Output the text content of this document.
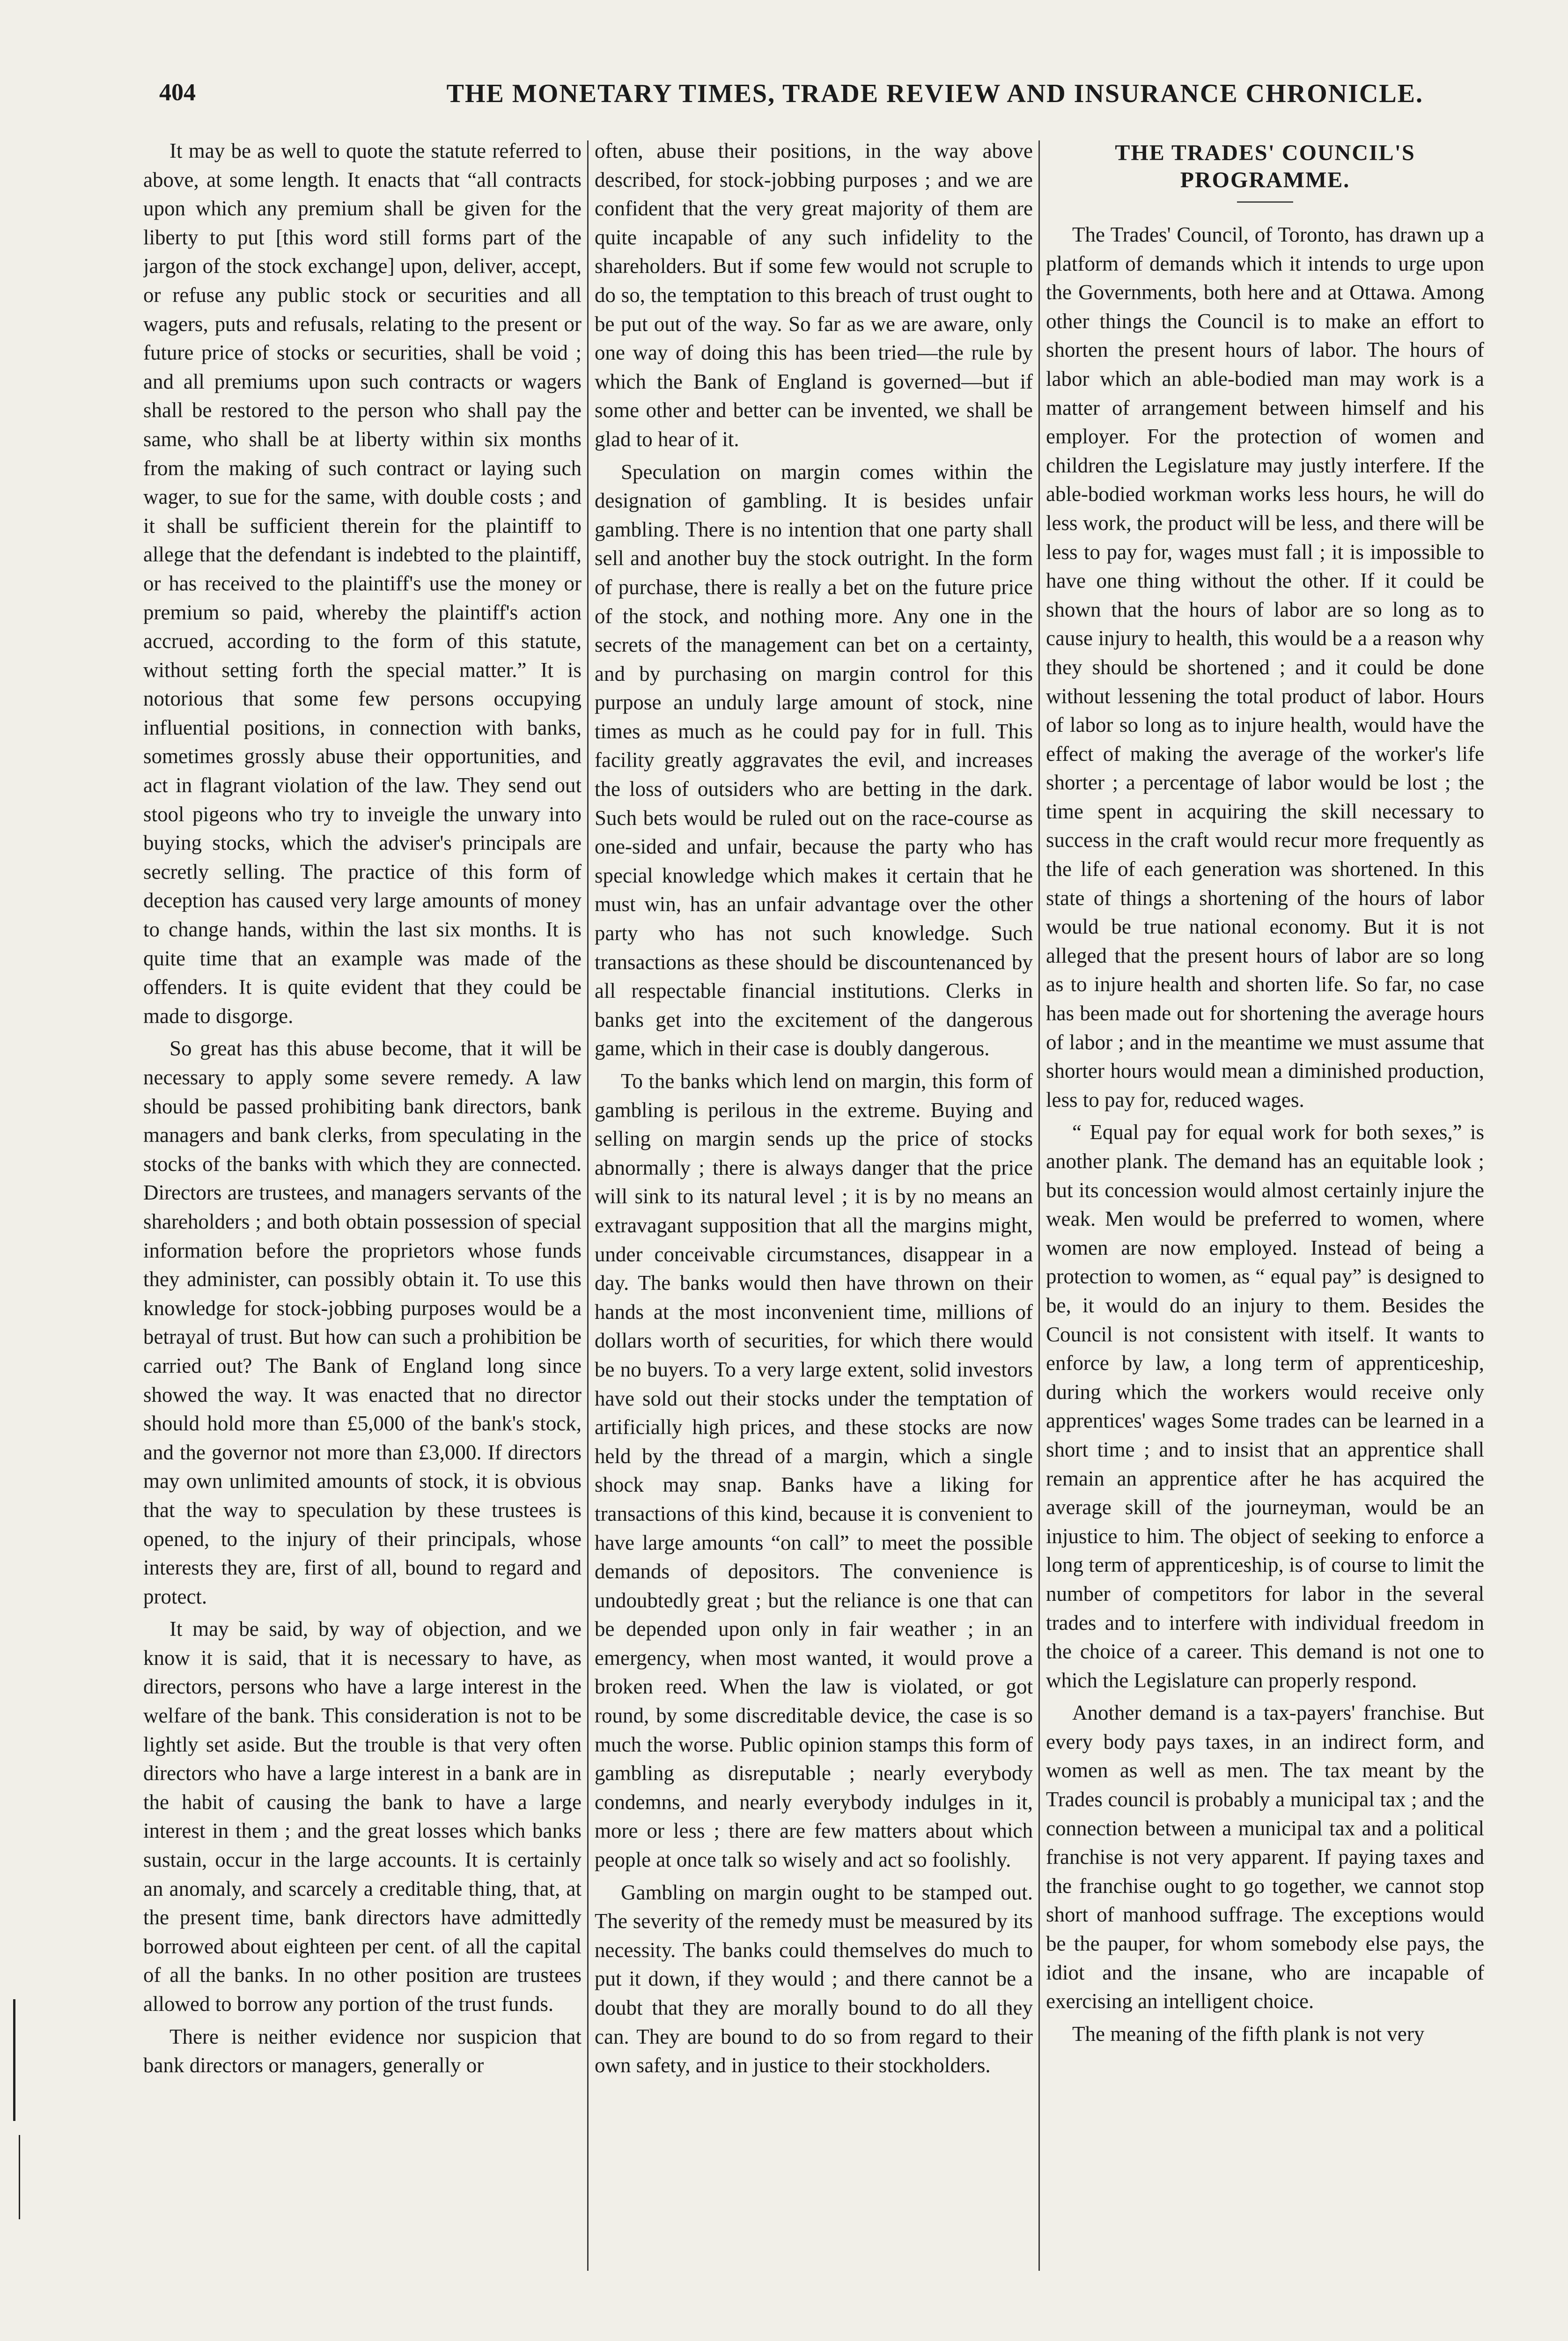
404	THE MONETARY TIMES, TRADE REVIEW AND INSURANCE CHRONICLE.

It may be as well to quote the statute referred to above, at some length. It enacts that “all contracts upon which any premium shall be given for the liberty to put [this word still forms part of the jargon of the stock exchange] upon, deliver, accept, or refuse any public stock or securities and all wagers, puts and refusals, relating to the present or future price of stocks or securities, shall be void ; and all premiums upon such contracts or wagers shall be restored to the person who shall pay the same, who shall be at liberty within six months from the making of such contract or laying such wager, to sue for the same, with double costs ; and it shall be sufficient therein for the plaintiff to allege that the defendant is indebted to the plaintiff, or has received to the plaintiff's use the money or premium so paid, whereby the plaintiff's action accrued, according to the form of this statute, without setting forth the special matter.” It is notorious that some few persons occupying influential positions, in connection with banks, sometimes grossly abuse their opportunities, and act in flagrant violation of the law. They send out stool pigeons who try to inveigle the unwary into buying stocks, which the adviser's principals are secretly selling. The practice of this form of deception has caused very large amounts of money to change hands, within the last six months. It is quite time that an example was made of the offenders. It is quite evident that they could be made to disgorge.

So great has this abuse become, that it will be necessary to apply some severe remedy. A law should be passed prohibiting bank directors, bank managers and bank clerks, from speculating in the stocks of the banks with which they are connected. Directors are trustees, and managers servants of the shareholders ; and both obtain possession of special information before the proprietors whose funds they administer, can possibly obtain it. To use this knowledge for stock-jobbing purposes would be a betrayal of trust. But how can such a prohibition be carried out? The Bank of England long since showed the way. It was enacted that no director should hold more than £5,000 of the bank's stock, and the governor not more than £3,000. If directors may own unlimited amounts of stock, it is obvious that the way to speculation by these trustees is opened, to the injury of their principals, whose interests they are, first of all, bound to regard and protect.

It may be said, by way of objection, and we know it is said, that it is necessary to have, as directors, persons who have a large interest in the welfare of the bank. This consideration is not to be lightly set aside. But the trouble is that very often directors who have a large interest in a bank are in the habit of causing the bank to have a large interest in them ; and the great losses which banks sustain, occur in the large accounts. It is certainly an anomaly, and scarcely a creditable thing, that, at the present time, bank directors have admittedly borrowed about eighteen per cent. of all the capital of all the banks. In no other position are trustees allowed to borrow any portion of the trust funds.

There is neither evidence nor suspicion that bank directors or managers, generally or

often, abuse their positions, in the way above described, for stock-jobbing purposes ; and we are confident that the very great majority of them are quite incapable of any such infidelity to the shareholders. But if some few would not scruple to do so, the temptation to this breach of trust ought to be put out of the way. So far as we are aware, only one way of doing this has been tried—the rule by which the Bank of England is governed—but if some other and better can be invented, we shall be glad to hear of it.

Speculation on margin comes within the designation of gambling. It is besides unfair gambling. There is no intention that one party shall sell and another buy the stock outright. In the form of purchase, there is really a bet on the future price of the stock, and nothing more. Any one in the secrets of the management can bet on a certainty, and by purchasing on margin control for this purpose an unduly large amount of stock, nine times as much as he could pay for in full. This facility greatly aggravates the evil, and increases the loss of outsiders who are betting in the dark. Such bets would be ruled out on the race-course as one-sided and unfair, because the party who has special knowledge which makes it certain that he must win, has an unfair advantage over the other party who has not such knowledge. Such transactions as these should be discountenanced by all respectable financial institutions. Clerks in banks get into the excitement of the dangerous game, which in their case is doubly dangerous.

To the banks which lend on margin, this form of gambling is perilous in the extreme. Buying and selling on margin sends up the price of stocks abnormally ; there is always danger that the price will sink to its natural level ; it is by no means an extravagant supposition that all the margins might, under conceivable circumstances, disappear in a day. The banks would then have thrown on their hands at the most inconvenient time, millions of dollars worth of securities, for which there would be no buyers. To a very large extent, solid investors have sold out their stocks under the temptation of artificially high prices, and these stocks are now held by the thread of a margin, which a single shock may snap. Banks have a liking for transactions of this kind, because it is convenient to have large amounts “on call” to meet the possible demands of depositors. The convenience is undoubtedly great ; but the reliance is one that can be depended upon only in fair weather ; in an emergency, when most wanted, it would prove a broken reed. When the law is violated, or got round, by some discreditable device, the case is so much the worse. Public opinion stamps this form of gambling as disreputable ; nearly everybody condemns, and nearly everybody indulges in it, more or less ; there are few matters about which people at once talk so wisely and act so foolishly.

Gambling on margin ought to be stamped out. The severity of the remedy must be measured by its necessity. The banks could themselves do much to put it down, if they would ; and there cannot be a doubt that they are morally bound to do all they can. They are bound to do so from regard to their own safety, and in justice to their stockholders.

THE TRADES' COUNCIL'S PROGRAMME.

The Trades' Council, of Toronto, has drawn up a platform of demands which it intends to urge upon the Governments, both here and at Ottawa. Among other things the Council is to make an effort to shorten the present hours of labor. The hours of labor which an able-bodied man may work is a matter of arrangement between himself and his employer. For the protection of women and children the Legislature may justly interfere. If the able-bodied workman works less hours, he will do less work, the product will be less, and there will be less to pay for, wages must fall ; it is impossible to have one thing without the other. If it could be shown that the hours of labor are so long as to cause injury to health, this would be a a reason why they should be shortened ; and it could be done without lessening the total product of labor. Hours of labor so long as to injure health, would have the effect of making the average of the worker's life shorter ; a percentage of labor would be lost ; the time spent in acquiring the skill necessary to success in the craft would recur more frequently as the life of each generation was shortened. In this state of things a shortening of the hours of labor would be true national economy. But it is not alleged that the present hours of labor are so long as to injure health and shorten life. So far, no case has been made out for shortening the average hours of labor ; and in the meantime we must assume that shorter hours would mean a diminished production, less to pay for, reduced wages.

“ Equal pay for equal work for both sexes,” is another plank. The demand has an equitable look ; but its concession would almost certainly injure the weak. Men would be preferred to women, where women are now employed. Instead of being a protection to women, as “ equal pay” is designed to be, it would do an injury to them. Besides the Council is not consistent with itself. It wants to enforce by law, a long term of apprenticeship, during which the workers would receive only apprentices' wages Some trades can be learned in a short time ; and to insist that an apprentice shall remain an apprentice after he has acquired the average skill of the journeyman, would be an injustice to him. The object of seeking to enforce a long term of apprenticeship, is of course to limit the number of competitors for labor in the several trades and to interfere with individual freedom in the choice of a career. This demand is not one to which the Legislature can properly respond.

Another demand is a tax-payers' franchise. But every body pays taxes, in an indirect form, and women as well as men. The tax meant by the Trades council is probably a municipal tax ; and the connection between a municipal tax and a political franchise is not very apparent. If paying taxes and the franchise ought to go together, we cannot stop short of manhood suffrage. The exceptions would be the pauper, for whom somebody else pays, the idiot and the insane, who are incapable of exercising an intelligent choice.

The meaning of the fifth plank is not very
